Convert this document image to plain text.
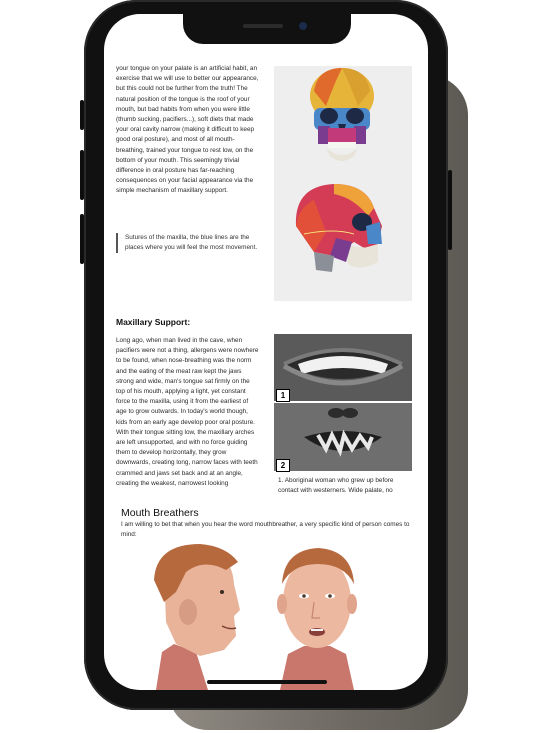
your tongue on your palate is an artificial habit, an exercise that we will use to better our appearance, but this could not be further from the truth! The natural position of the tongue is the roof of your mouth, but bad habits from when you were little (thumb sucking, pacifiers...), soft diets that made your oral cavity narrow (making it difficult to keep good oral posture), and most of all mouth-breathing, trained your tongue to rest low, on the bottom of your mouth. This seemingly trivial difference in oral posture has far-reaching consequences on your facial appearance via the simple mechanism of maxillary support.
Sutures of the maxilla, the blue lines are the places where you will feel the most movement.
Maxillary Support:
Long ago, when man lived in the cave, when pacifiers were not a thing, allergens were nowhere to be found, when nose-breathing was the norm and the eating of the meat raw kept the jaws strong and wide, man's tongue sat firmly on the top of his mouth, applying a light, yet constant force to the maxilla, using it from the earliest of age to grow outwards. In today's world though, kids from an early age develop poor oral posture. With their tongue sitting low, the maxillary arches are left unsupported, and with no force guiding them to develop horizontally, they grow downwards, creating long, narrow faces with teeth crammed and jaws set back and at an angle, creating the weakest, narrowest looking
1
2
1. Aboriginal woman who grew up before contact with westerners. Wide palate, no
Mouth Breathers
I am willing to bet that when you hear the word mouthbreather, a very specific kind of person comes to mind:
